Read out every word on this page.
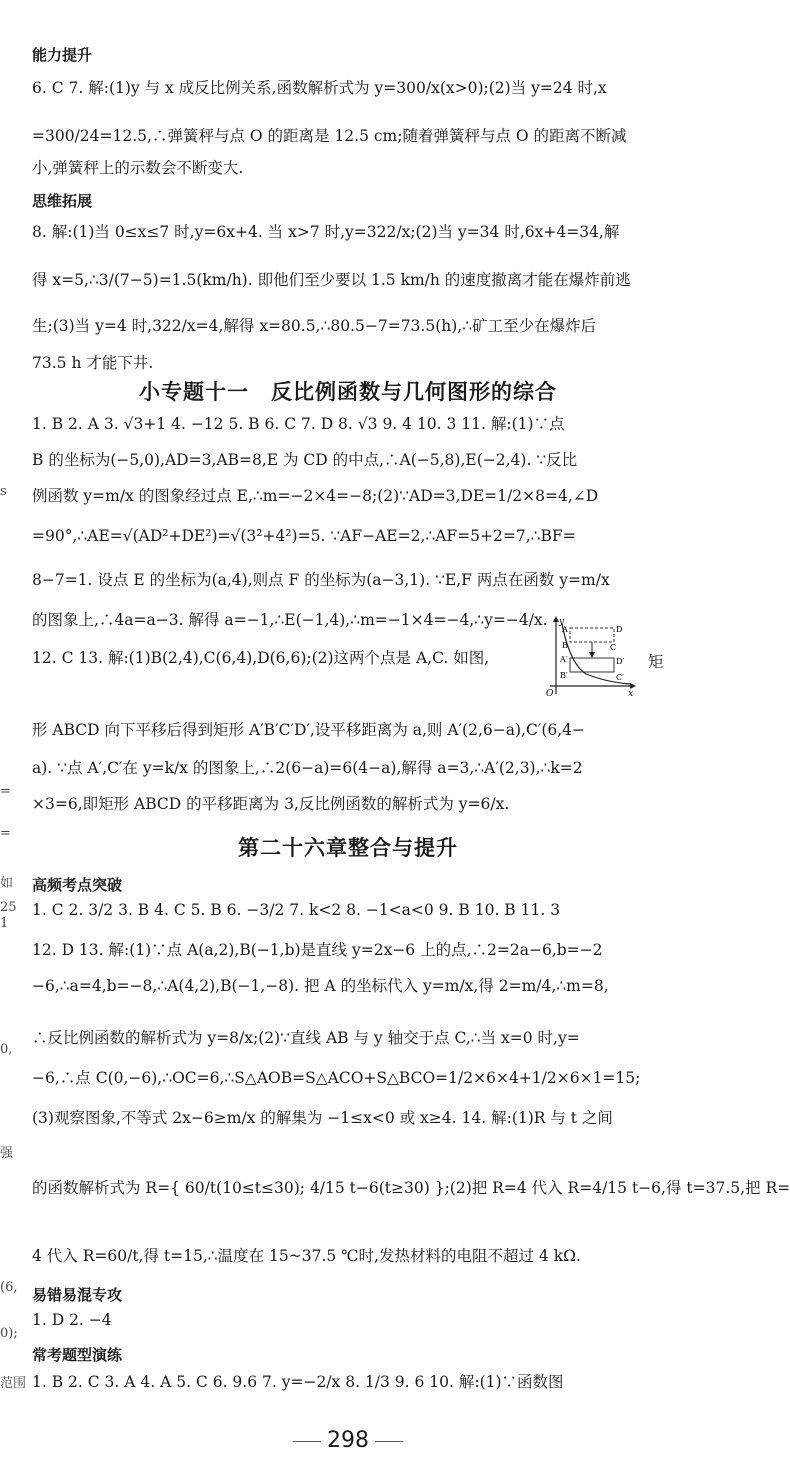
能力提升
6. C 7. 解:(1)y 与 x 成反比例关系,函数解析式为 y=300/x(x>0);(2)当 y=24 时,x
=300/24=12.5,∴弹簧秤与点 O 的距离是 12.5 cm;随着弹簧秤与点 O 的距离不断减
小,弹簧秤上的示数会不断变大.
思维拓展
8. 解:(1)当 0≤x≤7 时,y=6x+4. 当 x>7 时,y=322/x;(2)当 y=34 时,6x+4=34,解
得 x=5,∴3/(7−5)=1.5(km/h). 即他们至少要以 1.5 km/h 的速度撤离才能在爆炸前逃
生;(3)当 y=4 时,322/x=4,解得 x=80.5,∴80.5−7=73.5(h),∴矿工至少在爆炸后
73.5 h 才能下井.
小专题十一　反比例函数与几何图形的综合
1. B 2. A 3. √3+1 4. −12 5. B 6. C 7. D 8. √3 9. 4 10. 3 11. 解:(1)∵点
B 的坐标为(−5,0),AD=3,AB=8,E 为 CD 的中点,∴A(−5,8),E(−2,4). ∵反比
例函数 y=m/x 的图象经过点 E,∴m=−2×4=−8;(2)∵AD=3,DE=1/2×8=4,∠D
=90°,∴AE=√(AD²+DE²)=√(3²+4²)=5. ∵AF−AE=2,∴AF=5+2=7,∴BF=
8−7=1. 设点 E 的坐标为(a,4),则点 F 的坐标为(a−3,1). ∵E,F 两点在函数 y=m/x
的图象上,∴4a=a−3. 解得 a=−1,∴E(−1,4),∴m=−1×4=−4,∴y=−4/x.
12. C 13. 解:(1)B(2,4),C(6,4),D(6,6);(2)这两个点是 A,C. 如图,	矩
y
A	D
B	C
A′	D′
B′	C′
O	x
形 ABCD 向下平移后得到矩形 A′B′C′D′,设平移距离为 a,则 A′(2,6−a),C′(6,4−
a). ∵点 A′,C′在 y=k/x 的图象上,∴2(6−a)=6(4−a),解得 a=3,∴A′(2,3),∴k=2
×3=6,即矩形 ABCD 的平移距离为 3,反比例函数的解析式为 y=6/x.
第二十六章整合与提升
高频考点突破
1. C 2. 3/2 3. B 4. C 5. B 6. −3/2 7. k<2 8. −1<a<0 9. B 10. B 11. 3
12. D 13. 解:(1)∵点 A(a,2),B(−1,b)是直线 y=2x−6 上的点,∴2=2a−6,b=−2
−6,∴a=4,b=−8,∴A(4,2),B(−1,−8). 把 A 的坐标代入 y=m/x,得 2=m/4,∴m=8,
∴反比例函数的解析式为 y=8/x;(2)∵直线 AB 与 y 轴交于点 C,∴当 x=0 时,y=
−6,∴点 C(0,−6),∴OC=6,∴S△AOB=S△ACO+S△BCO=1/2×6×4+1/2×6×1=15;
(3)观察图象,不等式 2x−6≥m/x 的解集为 −1≤x<0 或 x≥4. 14. 解:(1)R 与 t 之间
的函数解析式为 R={ 60/t(10≤t≤30); 4/15 t−6(t≥30) };(2)把 R=4 代入 R=4/15 t−6,得 t=37.5,把 R=
4 代入 R=60/t,得 t=15,∴温度在 15~37.5 ℃时,发热材料的电阻不超过 4 kΩ.
易错易混专攻
1. D 2. −4
常考题型演练
1. B 2. C 3. A 4. A 5. C 6. 9.6 7. y=−2/x 8. 1/3 9. 6 10. 解:(1)∵函数图
s
=
=
如
25
1
0,
强
(6,
0);
范围
298
